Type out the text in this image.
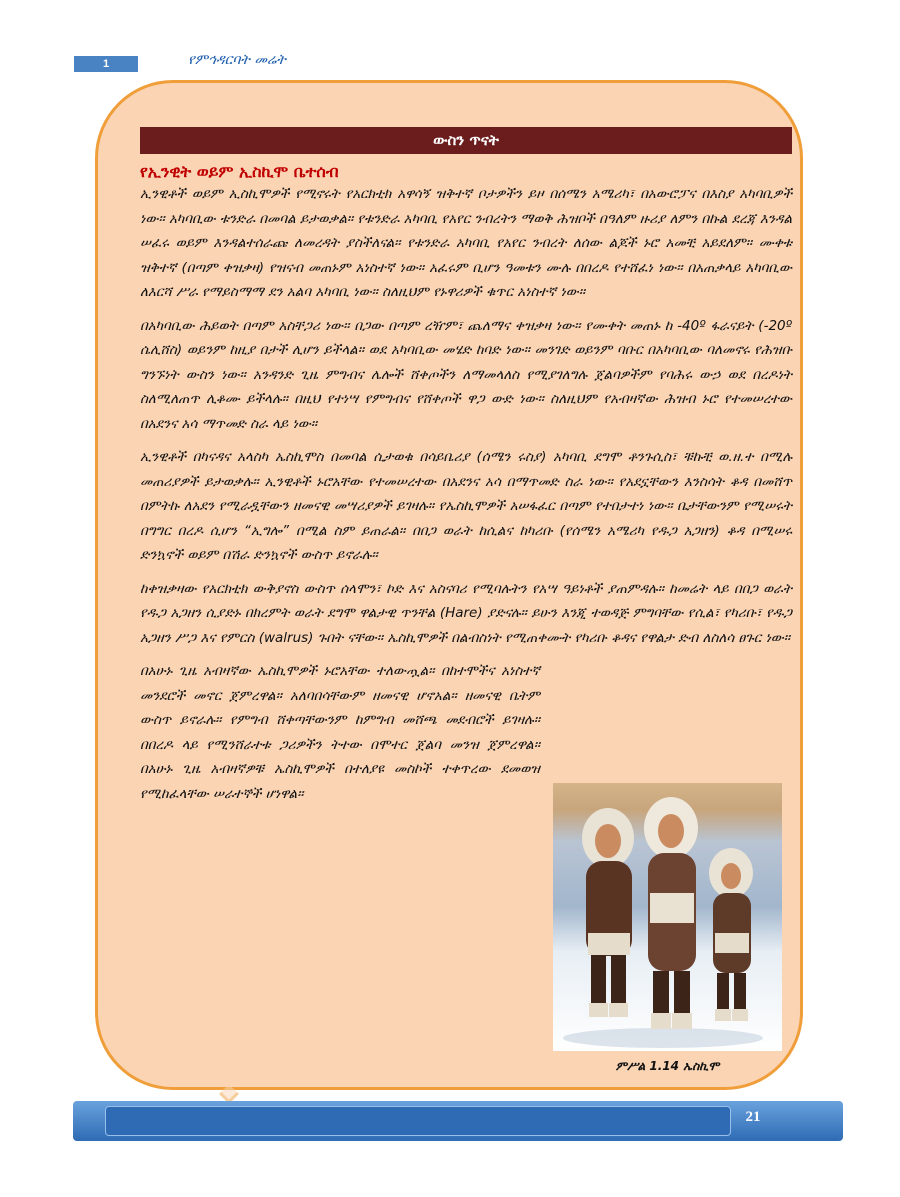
1	የምኅዳርባት መሬት
ውስን ጥናት
የኢንዊት ወይም ኢስኪሞ ቤተሰብ

ኢንዊቶች ወይም ኢስኪሞዎች የሚኖሩት የአርክቲክ አዋሳኝ ዝቅተኛ ቦታዎችን ይዞ በሰሜን አሜሪካ፣ በአውሮፓና በእስያ አካባቢዎች ነው። አካባቢው ቱንድራ በመባል ይታወቃል። የቱንድራ አካባቢ የአየር ንብረትን ማወቅ ሕዝቦች በዓለም ዙሪያ ለምን በኩል ደረጃ እንዳል ሠፈሩ ወይም እንዳልተሰራጩ ለመረዳት ያስችለናል። የቱንድራ አካባቢ የአየር ንብረት ለሰው ልጆች ኑሮ አመቺ አይደለም። ሙቀቱ ዝቅተኛ (በጣም ቀዝቃዛ) የዝናብ መጠኑም አነስተኛ ነው። አፈሩም ቢሆን ዓመቱን ሙሉ በበረዶ የተሸፈነ ነው። በአጠቃላይ አካባቢው ለእርሻ ሥራ የማይስማማ ደን አልባ አካባቢ ነው። ስለዚህም የኑዋሪዎች ቁጥር አነስተኛ ነው።

በአካባቢው ሕይወት በጣም አስቸጋሪ ነው። በጋው በጣም ረዥም፣ ጨለማና ቀዝቃዛ ነው። የሙቀት መጠኑ ከ -40º ፋራናይት (-20º ሴሊሸስ) ወይንም ከዚያ በታች ሊሆን ይችላል። ወደ አካባቢው መሄድ ከባድ ነው። መንገድ ወይንም ባቡር በአካባቢው ባለመኖሩ የሕዝቡ ግንኙነት ውስን ነው። አንዳንድ ጊዜ ምግብና ሌሎች ሸቀጦችን ለማመላለስ የሚያገለግሉ ጀልባዎችም የባሕሩ ውኃ ወደ በረዶነት ስለሚለጠጥ ሊቆሙ ይችላሉ። በዚህ የተነሣ የምግብና የሸቀጦች ዋጋ ውድ ነው። ስለዚህም የአብዛኛው ሕዝብ ኑሮ የተመሠረተው በአደንና አሳ ማጥመድ ስራ ላይ ነው።

ኢንዊቶች በካናዳና አላስካ ኤስኪሞስ በመባል ሲታወቁ በሳይቤሪያ (ሰሜን ሩስያ) አካባቢ ደግሞ ቶንጉሲስ፣ ቹኩቺ ወ.ዘ.ተ በሚሉ መጠሪያዎች ይታወቃሉ። ኢንዊቶች ኑሮአቸው የተመሠረተው በአደንና አሳ በማጥመድ ስራ ነው። የአደኗቸውን እንስሳት ቆዳ በመሸጥ በምትኩ ለአደን የሚራዷቸውን ዘመናዊ መሣሪያዎች ይገዛሉ። የኤስኪሞዎች አሠፋፈር በጣም የተበታተነ ነው። ቤታቸውንም የሚሠሩት በግግር በረዶ ሲሆን “ኢግሎ” በሚል ስም ይጠራል። በበጋ ወራት ከሲልና ከካሪቡ (የሰሜን አሜሪካ የዱጋ አጋዘን) ቆዳ በሚሠሩ ድንኳኖች ወይም በሽራ ድንኳኖች ውስጥ ይኖራሉ።

ከቀዝቃዛው የአርክቲክ ውቅያኖስ ውስጥ ሰላሞን፣ ኮድ እና አስናባሪ የሚባሉትን የአሣ ዓይነቶች ያጠምዳሉ። ከመሬት ላይ በበጋ ወራት የዱጋ አጋዘን ሲያድኑ በክረምት ወራት ደግሞ ዋልታዊ ጥንቸል (Hare) ያድናሉ። ይሁን እንጂ ተወዳጅ ምግባቸው የሲል፣ የካሪቡ፣ የዱጋ አጋዘን ሥጋ እና የምርስ (walrus) ጉበት ናቸው። ኤስኪሞዎች በልብስነት የሚጠቀሙት የካሪቡ ቆዳና የዋልታ ድብ ለስለሳ ፀጉር ነው።

በአሁኑ ጊዜ አብዛኛው ኤስኪሞዎች ኑሮአቸው ተለውጧል። በከተሞችና አነስተኛ መንደሮች መኖር ጀምረዋል። አለባበሳቸውም ዘመናዊ ሆኖአል። ዘመናዊ ቤትም ውስጥ ይኖራሉ። የምግብ ሸቀጣቸውንም ከምግብ መሸጫ መደብሮች ይገዛሉ። በበረዶ ላይ የሚንሸራተቱ ጋሪዎችን ትተው በሞተር ጀልባ መንዝ ጀምረዋል። በአሁኑ ጊዜ አብዛኛዎቹ ኤስኪሞዎች በተለያዩ መስኮች ተቀጥረው ደመወዝ የሚከፈላቸው ሠራተኞች ሆነዋል።

ምሥል 1.14 ኤስኪሞ
21
